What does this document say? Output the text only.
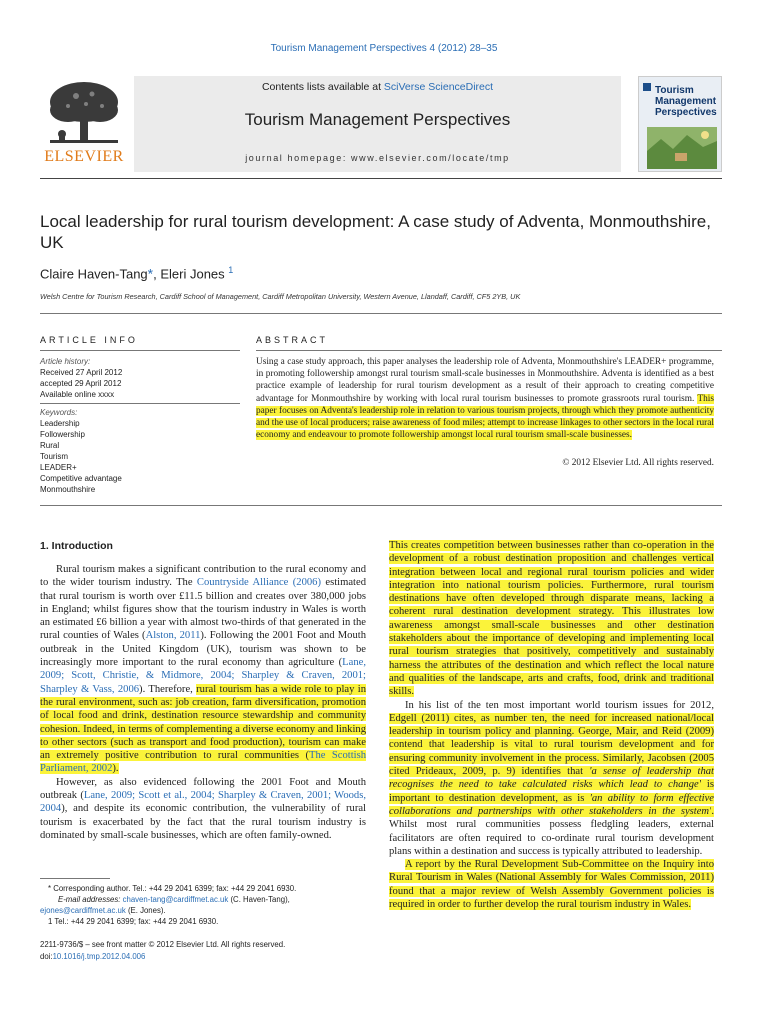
Tourism Management Perspectives 4 (2012) 28–35
ELSEVIER
Contents lists available at SciVerse ScienceDirect
Tourism Management Perspectives
journal homepage: www.elsevier.com/locate/tmp
Tourism Management Perspectives
Local leadership for rural tourism development: A case study of Adventa, Monmouthshire, UK
Claire Haven-Tang*, Eleri Jones $^1$
Welsh Centre for Tourism Research, Cardiff School of Management, Cardiff Metropolitan University, Western Avenue, Llandaff, Cardiff, CF5 2YB, UK
ARTICLE INFO	ABSTRACT
Article history:
Received 27 April 2012
accepted 29 April 2012
Available online xxxx
Keywords:
Leadership
Followership
Rural
Tourism
LEADER+
Competitive advantage
Monmouthshire
Using a case study approach, this paper analyses the leadership role of Adventa, Monmouthshire's LEADER+ programme, in promoting followership amongst rural tourism small-scale businesses in Monmouthshire. Adventa is identified as a best practice example of leadership for rural tourism development as a result of their approach to creating competitive advantage for Monmouthshire by working with local rural tourism businesses to promote grassroots rural tourism. This paper focuses on Adventa's leadership role in relation to various tourism projects, through which they promote authenticity and the use of local producers; raise awareness of food miles; attempt to increase linkages to other sectors in the local rural economy and endeavour to promote followership amongst local rural tourism small-scale businesses.
© 2012 Elsevier Ltd. All rights reserved.
1. Introduction

Rural tourism makes a significant contribution to the rural economy and to the wider tourism industry. The Countryside Alliance (2006) estimated that rural tourism is worth over £11.5 billion and creates over 380,000 jobs in England; whilst figures show that the tourism industry in Wales is worth an estimated £6 billion a year with almost two-thirds of that generated in the rural counties of Wales (Alston, 2011). Following the 2001 Foot and Mouth outbreak in the United Kingdom (UK), tourism was shown to be increasingly more important to the rural economy than agriculture (Lane, 2009; Scott, Christie, & Midmore, 2004; Sharpley & Craven, 2001; Sharpley & Vass, 2006). Therefore, rural tourism has a wide role to play in the rural environment, such as: job creation, farm diversification, promotion of local food and drink, destination resource stewardship and community cohesion. Indeed, in terms of complementing a diverse economy and linking to other sectors (such as transport and food production), tourism can make an extremely positive contribution to rural communities (The Scottish Parliament, 2002).

However, as also evidenced following the 2001 Foot and Mouth outbreak (Lane, 2009; Scott et al., 2004; Sharpley & Craven, 2001; Woods, 2004), and despite its economic contribution, the vulnerability of rural tourism is exacerbated by the fact that the rural tourism industry is dominated by small-scale businesses, which are often family-owned.

This creates competition between businesses rather than co-operation in the development of a robust destination proposition and challenges vertical integration between local and regional rural tourism policies and wider integration into national tourism policies. Furthermore, rural tourism destinations have often developed through disparate means, lacking a coherent rural destination development strategy. This illustrates low awareness amongst small-scale businesses and other destination stakeholders about the importance of developing and implementing local rural tourism strategies that positively, competitively and sustainably harness the attributes of the destination and which reflect the local nature and qualities of the landscape, arts and crafts, food, drink and traditional skills.

In his list of the ten most important world tourism issues for 2012, Edgell (2011) cites, as number ten, the need for increased national/local leadership in tourism policy and planning. George, Mair, and Reid (2009) contend that leadership is vital to rural tourism development and for ensuring community involvement in the process. Similarly, Jacobsen (2005 cited Prideaux, 2009, p. 9) identifies that 'a sense of leadership that recognises the need to take calculated risks which lead to change' is important to destination development, as is 'an ability to form effective collaborations and partnerships with other stakeholders in the system'. Whilst most rural communities possess fledgling leaders, external facilitators are often required to co-ordinate rural tourism development plans within a destination and success is typically attributed to leadership.

A report by the Rural Development Sub-Committee on the Inquiry into Rural Tourism in Wales (National Assembly for Wales Commission, 2011) found that a major review of Welsh Assembly Government policies is required in order to further develop the rural tourism industry in Wales.

* Corresponding author. Tel.: +44 29 2041 6399; fax: +44 29 2041 6930.
E-mail addresses: chaven-tang@cardiffmet.ac.uk (C. Haven-Tang),
ejones@cardiffmet.ac.uk (E. Jones).
1 Tel.: +44 29 2041 6399; fax: +44 29 2041 6930.
2211-9736/$ – see front matter © 2012 Elsevier Ltd. All rights reserved.
doi:10.1016/j.tmp.2012.04.006
